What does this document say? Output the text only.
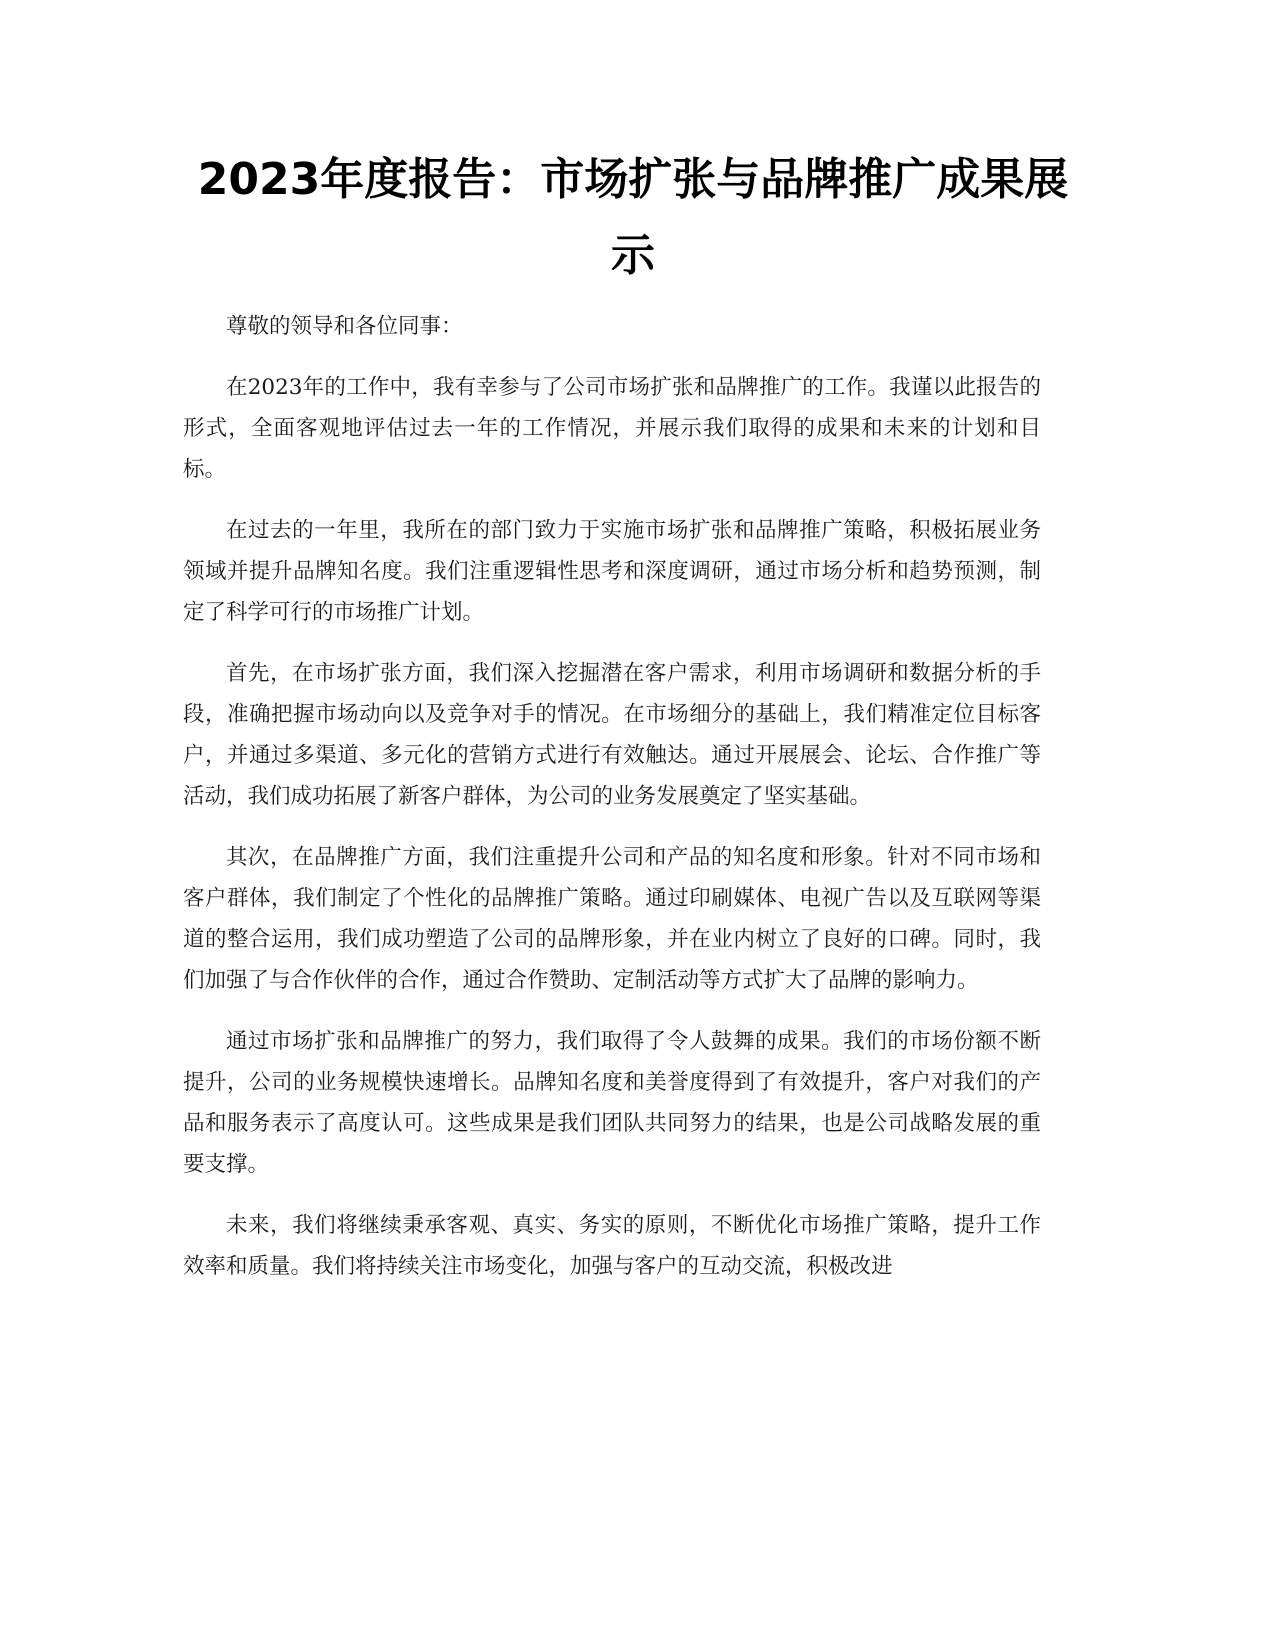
2023年度报告：市场扩张与品牌推广成果展示

尊敬的领导和各位同事：

在2023年的工作中，我有幸参与了公司市场扩张和品牌推广的工作。我谨以此报告的形式，全面客观地评估过去一年的工作情况，并展示我们取得的成果和未来的计划和目标。

在过去的一年里，我所在的部门致力于实施市场扩张和品牌推广策略，积极拓展业务领域并提升品牌知名度。我们注重逻辑性思考和深度调研，通过市场分析和趋势预测，制定了科学可行的市场推广计划。

首先，在市场扩张方面，我们深入挖掘潜在客户需求，利用市场调研和数据分析的手段，准确把握市场动向以及竞争对手的情况。在市场细分的基础上，我们精准定位目标客户，并通过多渠道、多元化的营销方式进行有效触达。通过开展展会、论坛、合作推广等活动，我们成功拓展了新客户群体，为公司的业务发展奠定了坚实基础。

其次，在品牌推广方面，我们注重提升公司和产品的知名度和形象。针对不同市场和客户群体，我们制定了个性化的品牌推广策略。通过印刷媒体、电视广告以及互联网等渠道的整合运用，我们成功塑造了公司的品牌形象，并在业内树立了良好的口碑。同时，我们加强了与合作伙伴的合作，通过合作赞助、定制活动等方式扩大了品牌的影响力。

通过市场扩张和品牌推广的努力，我们取得了令人鼓舞的成果。我们的市场份额不断提升，公司的业务规模快速增长。品牌知名度和美誉度得到了有效提升，客户对我们的产品和服务表示了高度认可。这些成果是我们团队共同努力的结果，也是公司战略发展的重要支撑。

未来，我们将继续秉承客观、真实、务实的原则，不断优化市场推广策略，提升工作效率和质量。我们将持续关注市场变化，加强与客户的互动交流，积极改进
